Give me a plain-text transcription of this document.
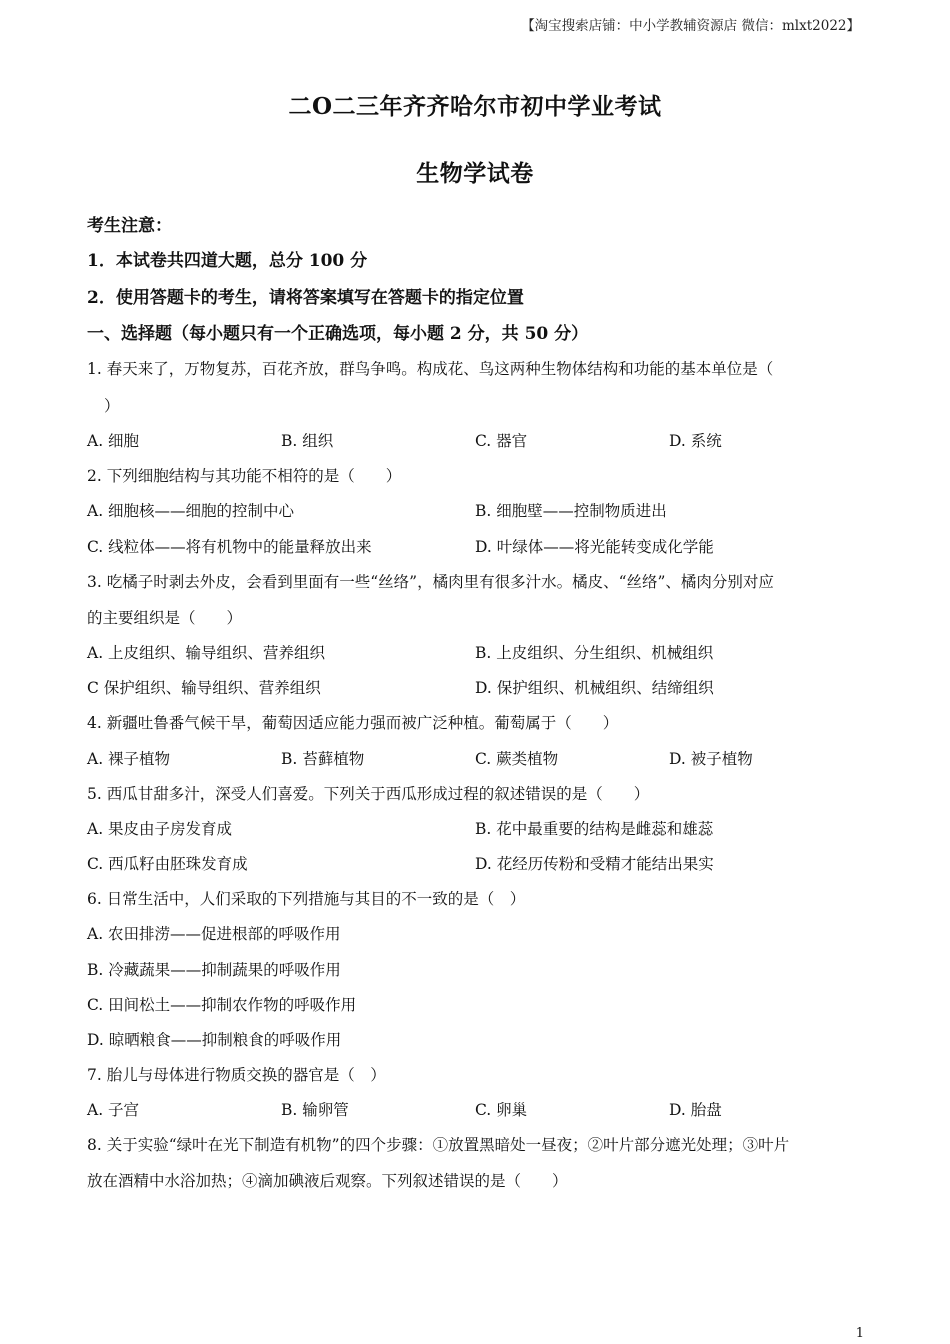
【淘宝搜索店铺：中小学教辅资源店 微信：mlxt2022】
二O二三年齐齐哈尔市初中学业考试
生物学试卷
考生注意：
1．本试卷共四道大题，总分 100 分
2．使用答题卡的考生，请将答案填写在答题卡的指定位置
一、选择题（每小题只有一个正确选项，每小题 2 分，共 50 分）
1. 春天来了，万物复苏，百花齐放，群鸟争鸣。构成花、鸟这两种生物体结构和功能的基本单位是（
）
A. 细胞	B. 组织	C. 器官	D. 系统
2. 下列细胞结构与其功能不相符的是（　　）
A. 细胞核——细胞的控制中心	B. 细胞壁——控制物质进出
C. 线粒体——将有机物中的能量释放出来	D. 叶绿体——将光能转变成化学能
3. 吃橘子时剥去外皮，会看到里面有一些“丝络”，橘肉里有很多汁水。橘皮、“丝络”、橘肉分别对应
的主要组织是（　　）
A. 上皮组织、输导组织、营养组织	B. 上皮组织、分生组织、机械组织
C 保护组织、输导组织、营养组织	D. 保护组织、机械组织、结缔组织
4. 新疆吐鲁番气候干旱，葡萄因适应能力强而被广泛种植。葡萄属于（　　）
A. 裸子植物	B. 苔藓植物	C. 蕨类植物	D. 被子植物
5. 西瓜甘甜多汁，深受人们喜爱。下列关于西瓜形成过程的叙述错误的是（　　）
A. 果皮由子房发育成	B. 花中最重要的结构是雌蕊和雄蕊
C. 西瓜籽由胚珠发育成	D. 花经历传粉和受精才能结出果实
6. 日常生活中，人们采取的下列措施与其目的不一致的是（　）
A. 农田排涝——促进根部的呼吸作用
B. 冷藏蔬果——抑制蔬果的呼吸作用
C. 田间松土——抑制农作物的呼吸作用
D. 晾晒粮食——抑制粮食的呼吸作用
7. 胎儿与母体进行物质交换的器官是（　）
A. 子宫	B. 输卵管	C. 卵巢	D. 胎盘
8. 关于实验“绿叶在光下制造有机物”的四个步骤：①放置黑暗处一昼夜；②叶片部分遮光处理；③叶片
放在酒精中水浴加热；④滴加碘液后观察。下列叙述错误的是（　　）
1
